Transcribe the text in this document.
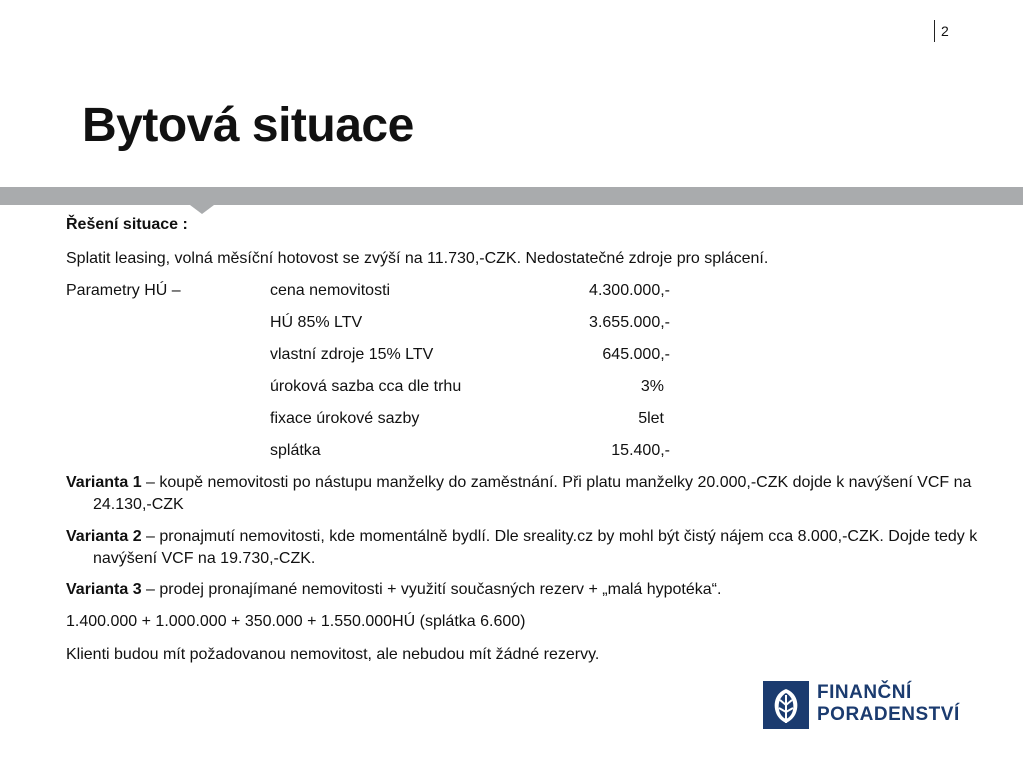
2
Bytová situace
Řešení situace :
Splatit leasing, volná měsíční hotovost se zvýší na 11.730,-CZK. Nedostatečné zdroje pro splácení.
Parametry HÚ –	cena nemovitosti	4.300.000,-
HÚ 85% LTV	3.655.000,-
vlastní zdroje 15% LTV	645.000,-
úroková sazba cca dle trhu	3%
fixace úrokové sazby	5let
splátka	15.400,-
Varianta 1 – koupě nemovitosti po nástupu manželky do zaměstnání. Při platu manželky 20.000,-CZK dojde k navýšení VCF na 24.130,-CZK
Varianta 2 – pronajmutí nemovitosti, kde momentálně bydlí. Dle sreality.cz by mohl být čistý nájem cca 8.000,-CZK. Dojde tedy k navýšení VCF na 19.730,-CZK.
Varianta 3 – prodej pronajímané nemovitosti + využití současných rezerv + „malá hypotéka“.
1.400.000 + 1.000.000 + 350.000 + 1.550.000HÚ (splátka 6.600)
Klienti budou mít požadovanou nemovitost, ale nebudou mít žádné rezervy.
FINANČNÍ
PORADENSTVÍ
